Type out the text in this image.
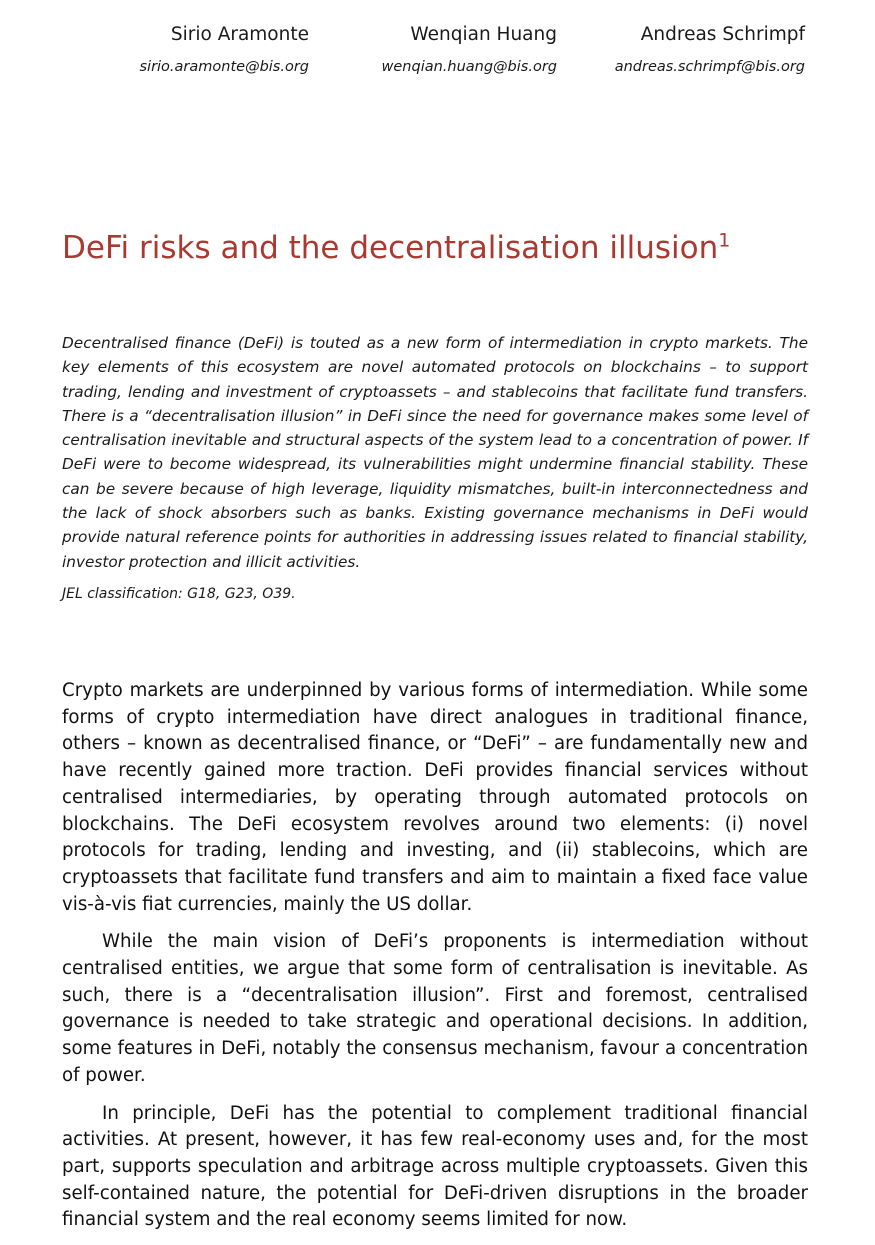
Sirio Aramonte
sirio.aramonte@bis.org
Wenqian Huang
wenqian.huang@bis.org
Andreas Schrimpf
andreas.schrimpf@bis.org
DeFi risks and the decentralisation illusion$^1$

Decentralised finance (DeFi) is touted as a new form of intermediation in crypto markets. The key elements of this ecosystem are novel automated protocols on blockchains – to support trading, lending and investment of cryptoassets – and stablecoins that facilitate fund transfers. There is a “decentralisation illusion” in DeFi since the need for governance makes some level of centralisation inevitable and structural aspects of the system lead to a concentration of power. If DeFi were to become widespread, its vulnerabilities might undermine financial stability. These can be severe because of high leverage, liquidity mismatches, built-in interconnectedness and the lack of shock absorbers such as banks. Existing governance mechanisms in DeFi would provide natural reference points for authorities in addressing issues related to financial stability, investor protection and illicit activities.

JEL classification: G18, G23, O39.

Crypto markets are underpinned by various forms of intermediation. While some forms of crypto intermediation have direct analogues in traditional finance, others – known as decentralised finance, or “DeFi” – are fundamentally new and have recently gained more traction. DeFi provides financial services without centralised intermediaries, by operating through automated protocols on blockchains. The DeFi ecosystem revolves around two elements: (i) novel protocols for trading, lending and investing, and (ii) stablecoins, which are cryptoassets that facilitate fund transfers and aim to maintain a fixed face value vis-à-vis fiat currencies, mainly the US dollar.

While the main vision of DeFi’s proponents is intermediation without centralised entities, we argue that some form of centralisation is inevitable. As such, there is a “decentralisation illusion”. First and foremost, centralised governance is needed to take strategic and operational decisions. In addition, some features in DeFi, notably the consensus mechanism, favour a concentration of power.

In principle, DeFi has the potential to complement traditional financial activities. At present, however, it has few real-economy uses and, for the most part, supports speculation and arbitrage across multiple cryptoassets. Given this self-contained nature, the potential for DeFi-driven disruptions in the broader financial system and the real economy seems limited for now.
